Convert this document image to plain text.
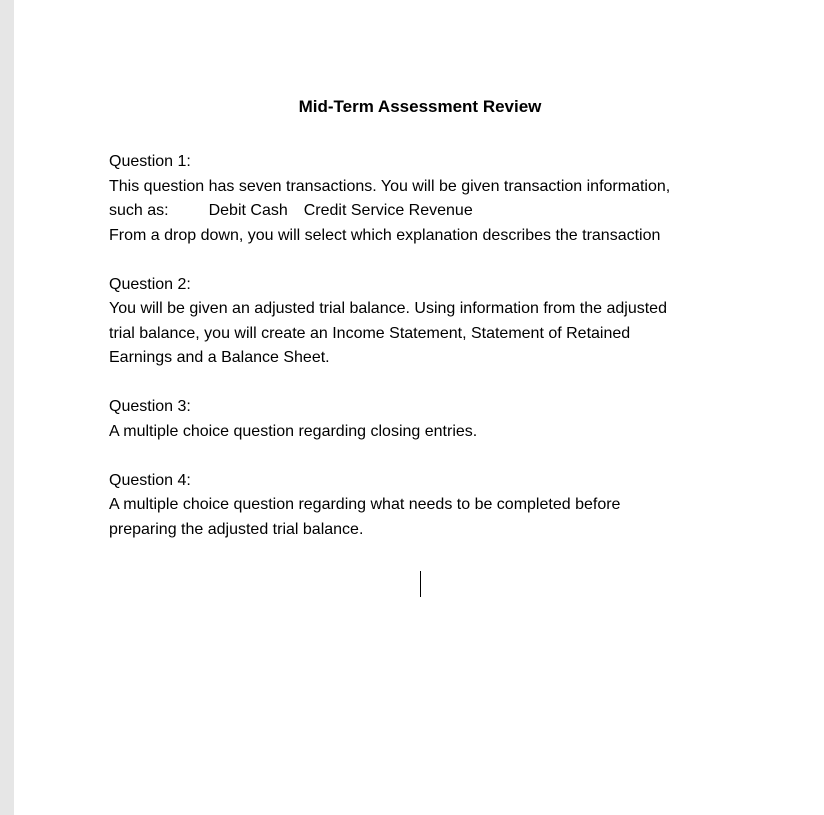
Mid-Term Assessment Review
Question 1:
This question has seven transactions. You will be given transaction information,
such as:	Debit Cash Credit Service Revenue
From a drop down, you will select which explanation describes the transaction
Question 2:
You will be given an adjusted trial balance. Using information from the adjusted
trial balance, you will create an Income Statement, Statement of Retained
Earnings and a Balance Sheet.
Question 3:
A multiple choice question regarding closing entries.
Question 4:
A multiple choice question regarding what needs to be completed before
preparing the adjusted trial balance.
